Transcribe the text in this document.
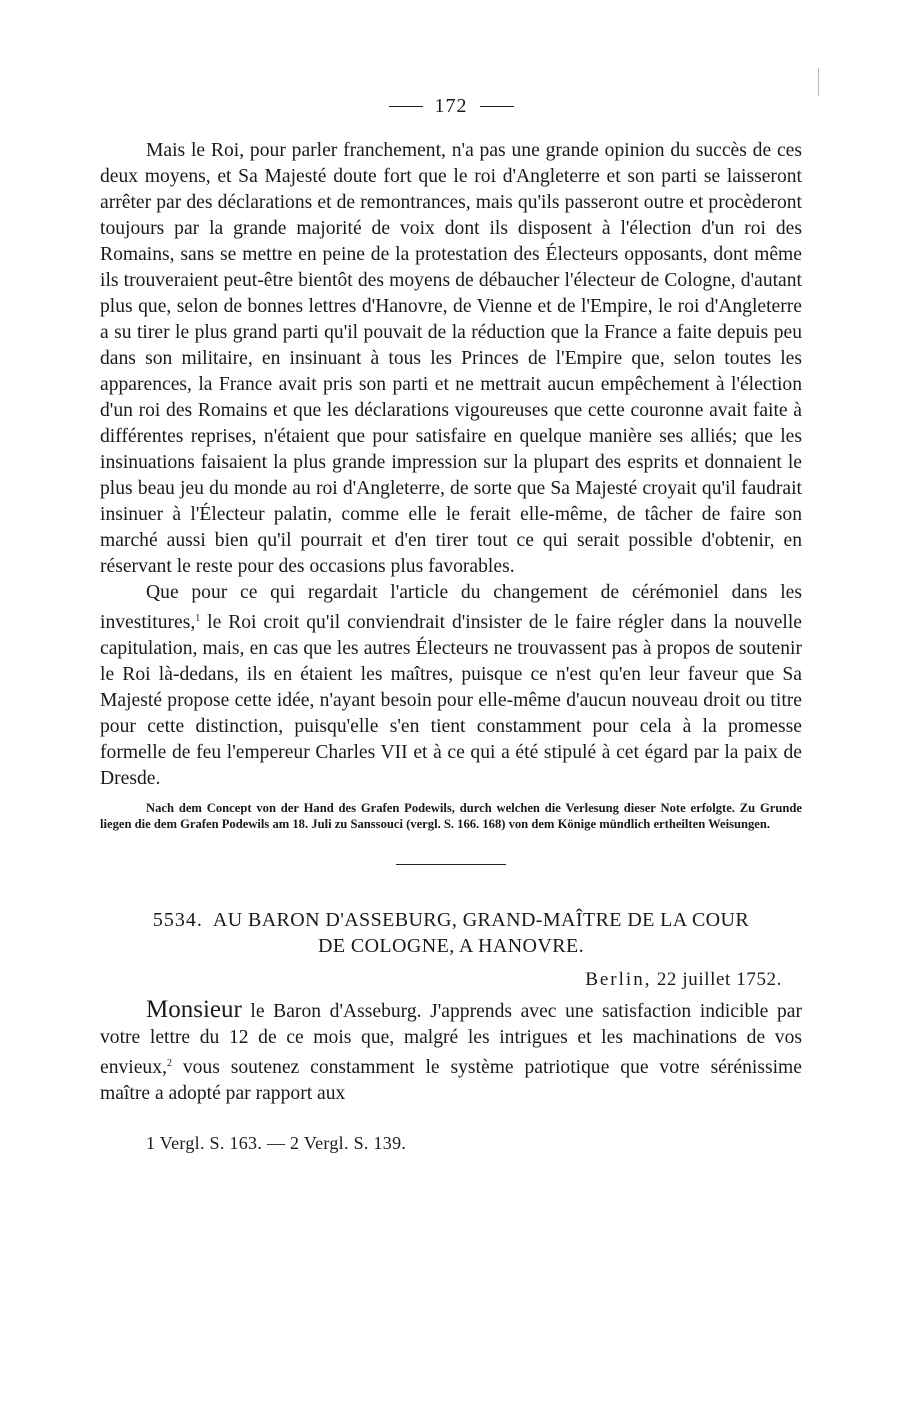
172

Mais le Roi, pour parler franchement, n'a pas une grande opinion du succès de ces deux moyens, et Sa Majesté doute fort que le roi d'Angleterre et son parti se laisseront arrêter par des déclarations et de remontrances, mais qu'ils passeront outre et procèderont toujours par la grande majorité de voix dont ils disposent à l'élection d'un roi des Romains, sans se mettre en peine de la protestation des Électeurs opposants, dont même ils trouveraient peut-être bientôt des moyens de débaucher l'électeur de Cologne, d'autant plus que, selon de bonnes lettres d'Hanovre, de Vienne et de l'Empire, le roi d'Angleterre a su tirer le plus grand parti qu'il pouvait de la réduction que la France a faite depuis peu dans son militaire, en insinuant à tous les Princes de l'Empire que, selon toutes les apparences, la France avait pris son parti et ne mettrait aucun empêchement à l'élection d'un roi des Romains et que les déclarations vigoureuses que cette couronne avait faite à différentes reprises, n'étaient que pour satisfaire en quelque manière ses alliés; que les insinuations faisaient la plus grande impression sur la plupart des esprits et donnaient le plus beau jeu du monde au roi d'Angleterre, de sorte que Sa Majesté croyait qu'il faudrait insinuer à l'Électeur palatin, comme elle le ferait elle-même, de tâcher de faire son marché aussi bien qu'il pourrait et d'en tirer tout ce qui serait possible d'obtenir, en réservant le reste pour des occasions plus favorables.

Que pour ce qui regardait l'article du changement de cérémoniel dans les investitures,$^1$ le Roi croit qu'il conviendrait d'insister de le faire régler dans la nouvelle capitulation, mais, en cas que les autres Électeurs ne trouvassent pas à propos de soutenir le Roi là-dedans, ils en étaient les maîtres, puisque ce n'est qu'en leur faveur que Sa Majesté propose cette idée, n'ayant besoin pour elle-même d'aucun nouveau droit ou titre pour cette distinction, puisqu'elle s'en tient constamment pour cela à la promesse formelle de feu l'empereur Charles VII et à ce qui a été stipulé à cet égard par la paix de Dresde.

Nach dem Concept von der Hand des Grafen Podewils, durch welchen die Verlesung dieser Note erfolgte. Zu Grunde liegen die dem Grafen Podewils am 18. Juli zu Sanssouci (vergl. S. 166. 168) von dem Könige mündlich ertheilten Weisungen.

5534. AU BARON D'ASSEBURG, GRAND-MAÎTRE DE LA COUR
DE COLOGNE, A HANOVRE.
Berlin, 22 juillet 1752.

Monsieur le Baron d'Asseburg. J'apprends avec une satisfaction indicible par votre lettre du 12 de ce mois que, malgré les intrigues et les machinations de vos envieux,$^2$ vous soutenez constamment le système patriotique que votre sérénissime maître a adopté par rapport aux

1 Vergl. S. 163. — 2 Vergl. S. 139.
